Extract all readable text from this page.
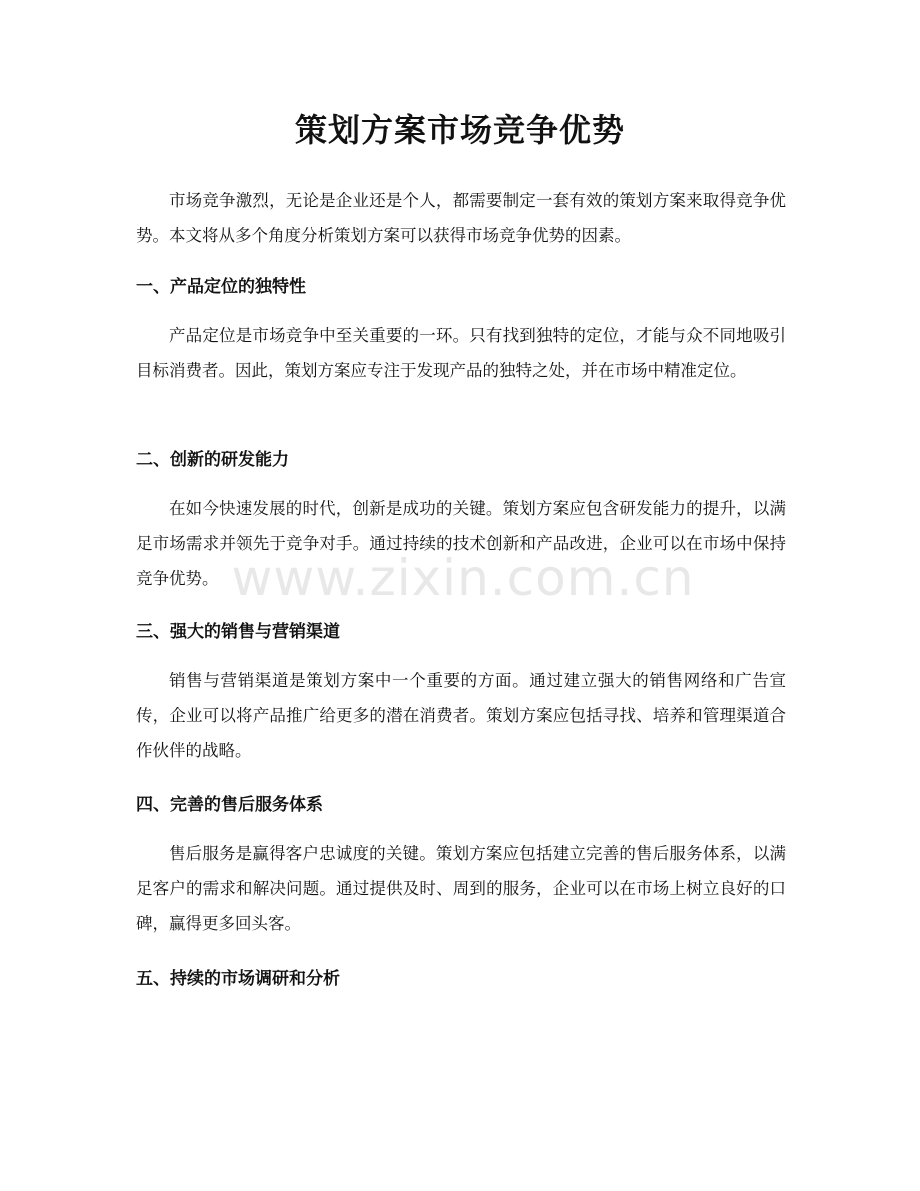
策划方案市场竞争优势

市场竞争激烈，无论是企业还是个人，都需要制定一套有效的策划方案来取得竞争优势。本文将从多个角度分析策划方案可以获得市场竞争优势的因素。

一、产品定位的独特性

产品定位是市场竞争中至关重要的一环。只有找到独特的定位，才能与众不同地吸引目标消费者。因此，策划方案应专注于发现产品的独特之处，并在市场中精准定位。

二、创新的研发能力

在如今快速发展的时代，创新是成功的关键。策划方案应包含研发能力的提升，以满足市场需求并领先于竞争对手。通过持续的技术创新和产品改进，企业可以在市场中保持竞争优势。

三、强大的销售与营销渠道

销售与营销渠道是策划方案中一个重要的方面。通过建立强大的销售网络和广告宣传，企业可以将产品推广给更多的潜在消费者。策划方案应包括寻找、培养和管理渠道合作伙伴的战略。

四、完善的售后服务体系

售后服务是赢得客户忠诚度的关键。策划方案应包括建立完善的售后服务体系，以满足客户的需求和解决问题。通过提供及时、周到的服务，企业可以在市场上树立良好的口碑，赢得更多回头客。

五、持续的市场调研和分析
www.zixin.com.cn
